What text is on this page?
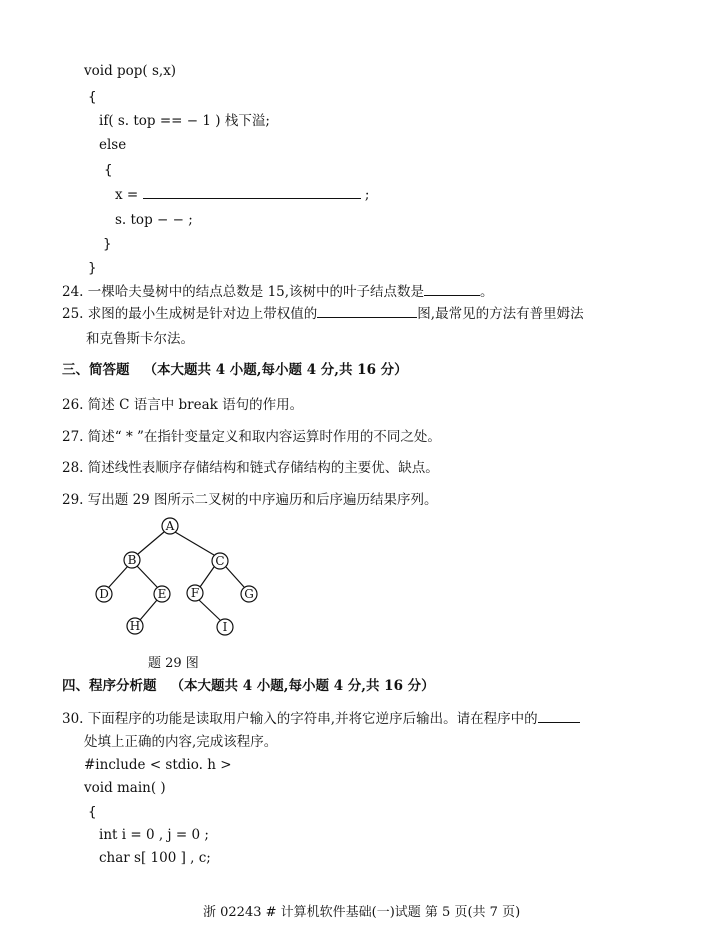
void pop( s,x)
{
if( s. top == − 1 ) 栈下溢;
else
{
x =	;
s. top − − ;
}
}
24. 一棵哈夫曼树中的结点总数是 15,该树中的叶子结点数是	。
25. 求图的最小生成树是针对边上带权值的	图,最常见的方法有普里姆法
和克鲁斯卡尔法。
三、简答题 （本大题共 4 小题,每小题 4 分,共 16 分）
26. 简述 C 语言中 break 语句的作用。
27. 简述“ * ”在指针变量定义和取内容运算时作用的不同之处。
28. 简述线性表顺序存储结构和链式存储结构的主要优、缺点。
29. 写出题 29 图所示二叉树的中序遍历和后序遍历结果序列。
A
B	C
D	E F	G
H	I
题 29 图
四、程序分析题 （本大题共 4 小题,每小题 4 分,共 16 分）
30. 下面程序的功能是读取用户输入的字符串,并将它逆序后输出。请在程序中的
处填上正确的内容,完成该程序。
#include < stdio. h >
void main( )
{
int i = 0 , j = 0 ;
char s[ 100 ] , c;
浙 02243 # 计算机软件基础(一)试题 第 5 页(共 7 页)
